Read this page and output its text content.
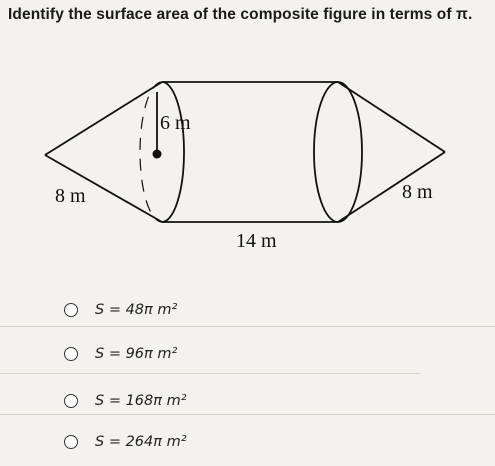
Identify the surface area of the composite figure in terms of π.
6 m
8 m	8 m
14 m
S = 48π m²
S = 96π m²
S = 168π m²
S = 264π m²
